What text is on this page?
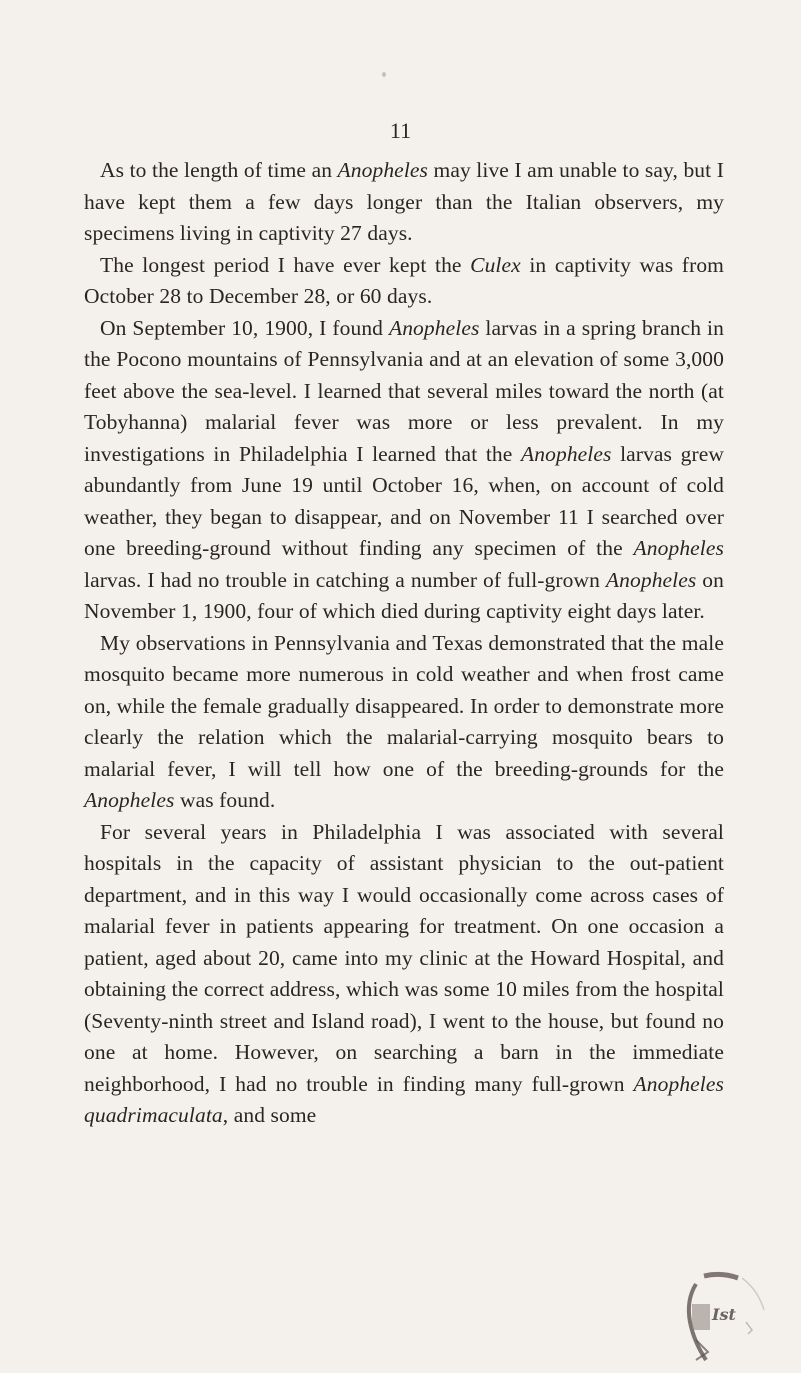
11

As to the length of time an Anopheles may live I am unable to say, but I have kept them a few days longer than the Italian observers, my specimens living in captivity 27 days.

The longest period I have ever kept the Culex in captivity was from October 28 to December 28, or 60 days.

On September 10, 1900, I found Anopheles larvas in a spring branch in the Pocono mountains of Pennsylvania and at an elevation of some 3,000 feet above the sea-level. I learned that several miles toward the north (at Tobyhanna) malarial fever was more or less prevalent. In my investigations in Philadelphia I learned that the Anopheles larvas grew abundantly from June 19 until October 16, when, on account of cold weather, they began to disappear, and on November 11 I searched over one breeding-ground without finding any specimen of the Anopheles larvas. I had no trouble in catching a number of full-grown Anopheles on November 1, 1900, four of which died during captivity eight days later.

My observations in Pennsylvania and Texas demonstrated that the male mosquito became more numerous in cold weather and when frost came on, while the female gradually disappeared. In order to demonstrate more clearly the relation which the malarial-carrying mosquito bears to malarial fever, I will tell how one of the breeding-grounds for the Anopheles was found.

For several years in Philadelphia I was associated with several hospitals in the capacity of assistant physician to the out-patient department, and in this way I would occasionally come across cases of malarial fever in patients appearing for treatment. On one occasion a patient, aged about 20, came into my clinic at the Howard Hospital, and obtaining the correct address, which was some 10 miles from the hospital (Seventy-ninth street and Island road), I went to the house, but found no one at home. However, on searching a barn in the immediate neighborhood, I had no trouble in finding many full-grown Anopheles quadrimaculata, and some

Ist
